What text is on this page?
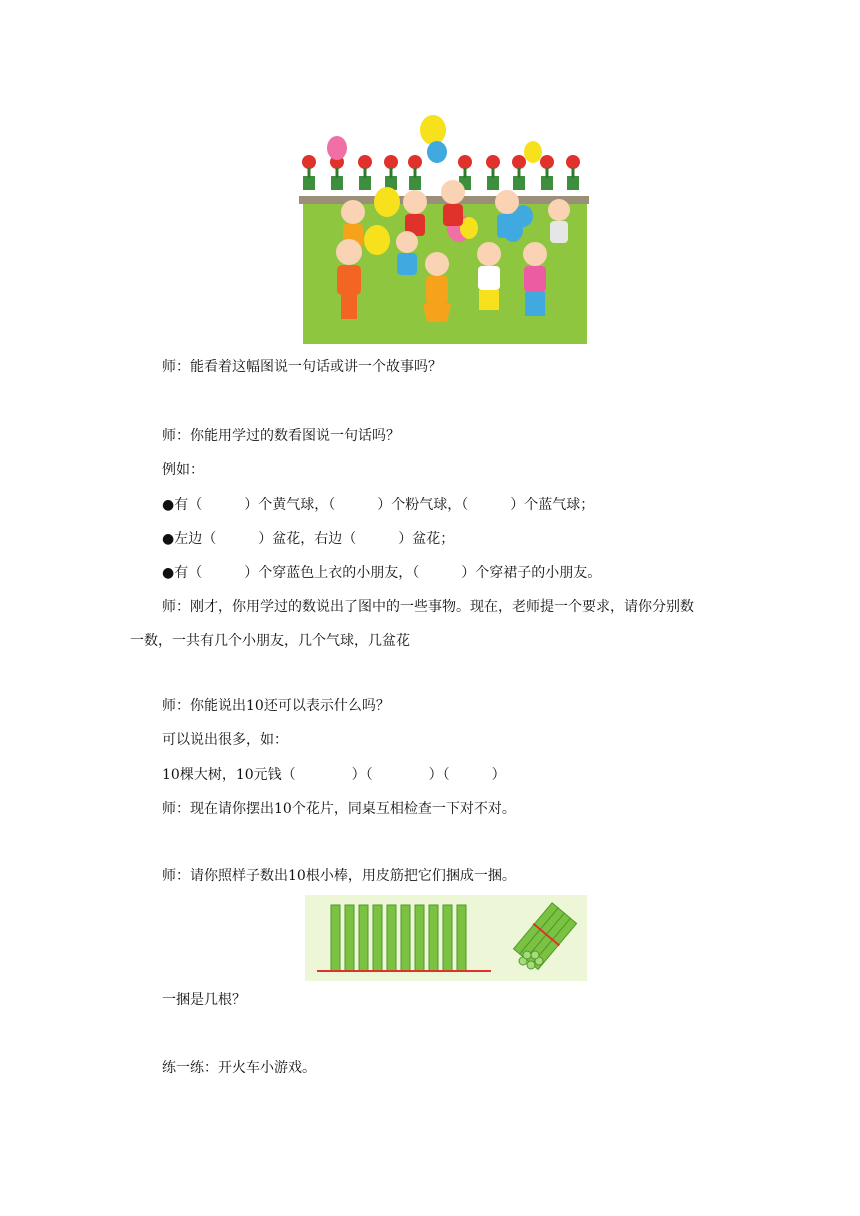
师：能看着这幅图说一句话或讲一个故事吗？
师：你能用学过的数看图说一句话吗？
例如：
●有（　　　）个黄气球，（　　　）个粉气球，（　　　）个蓝气球；
●左边（　　　）盆花，右边（　　　）盆花；
●有（　　　）个穿蓝色上衣的小朋友，（　　　）个穿裙子的小朋友。
师：刚才，你用学过的数说出了图中的一些事物。现在，老师提一个要求，请你分别数
一数，一共有几个小朋友，几个气球，几盆花
师：你能说出10还可以表示什么吗？
可以说出很多，如：
10棵大树，10元钱（　　　　）（　　　　）（　　　）
师：现在请你摆出10个花片，同桌互相检查一下对不对。
师：请你照样子数出10根小棒，用皮筋把它们捆成一捆。
一捆是几根？
练一练：开火车小游戏。
